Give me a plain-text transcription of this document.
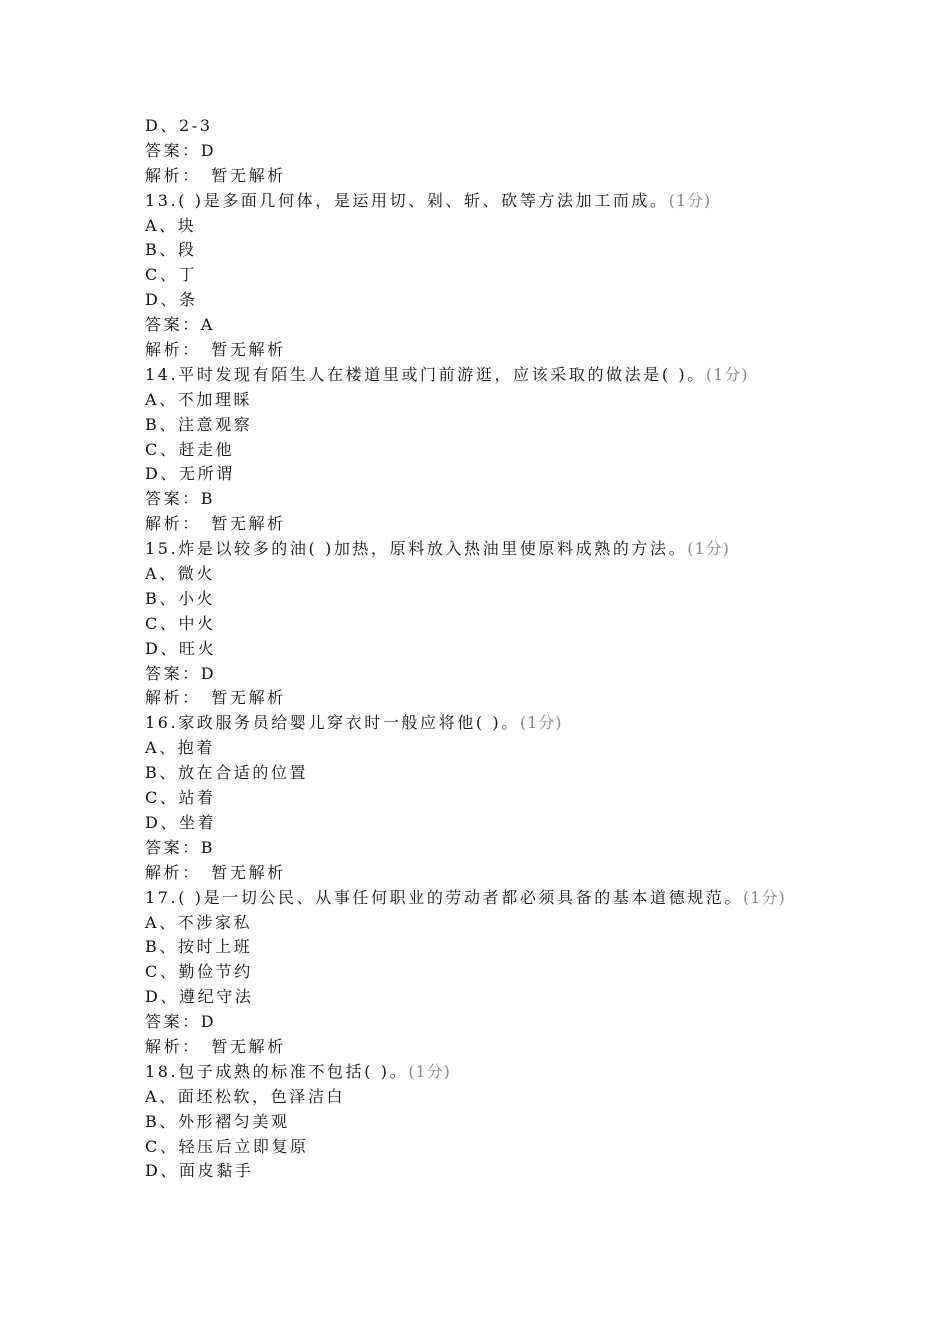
D、2-3
答案：D
解析：　暂无解析
13.( )是多面几何体，是运用切、剁、斩、砍等方法加工而成。(1分)
A、块
B、段
C、丁
D、条
答案：A
解析：　暂无解析
14.平时发现有陌生人在楼道里或门前游逛，应该采取的做法是( )。(1分)
A、不加理睬
B、注意观察
C、赶走他
D、无所谓
答案：B
解析：　暂无解析
15.炸是以较多的油( )加热，原料放入热油里使原料成熟的方法。(1分)
A、微火
B、小火
C、中火
D、旺火
答案：D
解析：　暂无解析
16.家政服务员给婴儿穿衣时一般应将他( )。(1分)
A、抱着
B、放在合适的位置
C、站着
D、坐着
答案：B
解析：　暂无解析
17.( )是一切公民、从事任何职业的劳动者都必须具备的基本道德规范。(1分)
A、不涉家私
B、按时上班
C、勤俭节约
D、遵纪守法
答案：D
解析：　暂无解析
18.包子成熟的标准不包括( )。(1分)
A、面坯松软，色泽洁白
B、外形褶匀美观
C、轻压后立即复原
D、面皮黏手
